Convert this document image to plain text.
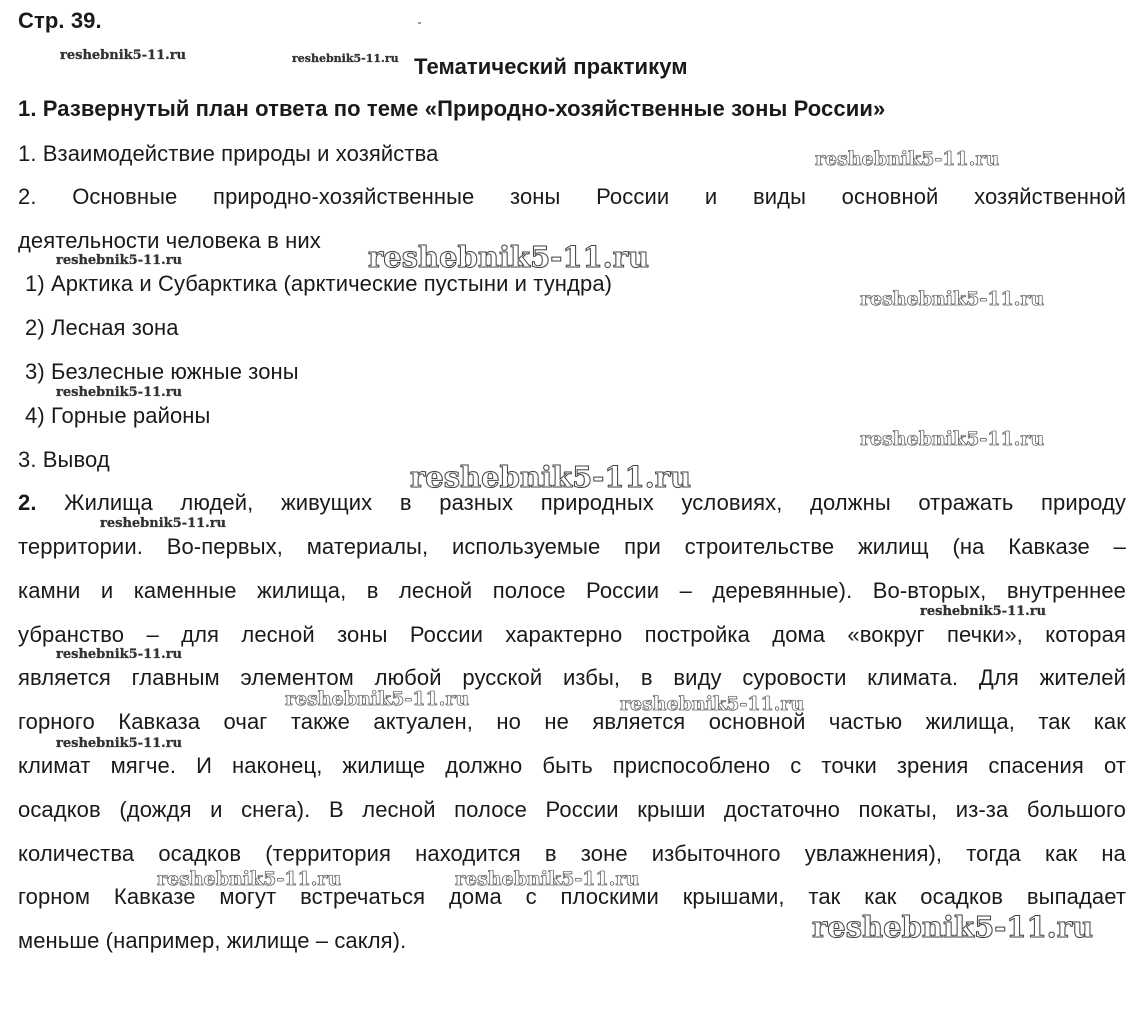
Стр. 39.
Тематический практикум
1. Развернутый план ответа по теме «Природно-хозяйственные зоны России»
1. Взаимодействие природы и хозяйства
2. Основные природно-хозяйственные зоны России и виды основной хозяйственной
деятельности человека в них
1) Арктика и Субарктика (арктические пустыни и тундра)
2) Лесная зона
3) Безлесные южные зоны
4) Горные районы
3. Вывод
2. Жилища людей, живущих в разных природных условиях, должны отражать природу
территории. Во-первых, материалы, используемые при строительстве жилищ (на Кавказе –
камни и каменные жилища, в лесной полосе России – деревянные). Во-вторых, внутреннее
убранство – для лесной зоны России характерно постройка дома «вокруг печки», которая
является главным элементом любой русской избы, в виду суровости климата. Для жителей
горного Кавказа очаг также актуален, но не является основной частью жилища, так как
климат мягче. И наконец, жилище должно быть приспособлено с точки зрения спасения от
осадков (дождя и снега). В лесной полосе России крыши достаточно покаты, из-за большого
количества осадков (территория находится в зоне избыточного увлажнения), тогда как на
горном Кавказе могут встречаться дома с плоскими крышами, так как осадков выпадает
меньше (например, жилище – сакля).
reshebnik5-11.ru	reshebnik5-11.ru
reshebnik5-11.ru
reshebnik5-11.ru	reshebnik5-11.ru
reshebnik5-11.ru
reshebnik5-11.ru
reshebnik5-11.ru
reshebnik5-11.ru
reshebnik5-11.ru
reshebnik5-11.ru
reshebnik5-11.ru
reshebnik5-11.ru	reshebnik5-11.ru
reshebnik5-11.ru
reshebnik5-11.ru	reshebnik5-11.ru
reshebnik5-11.ru
